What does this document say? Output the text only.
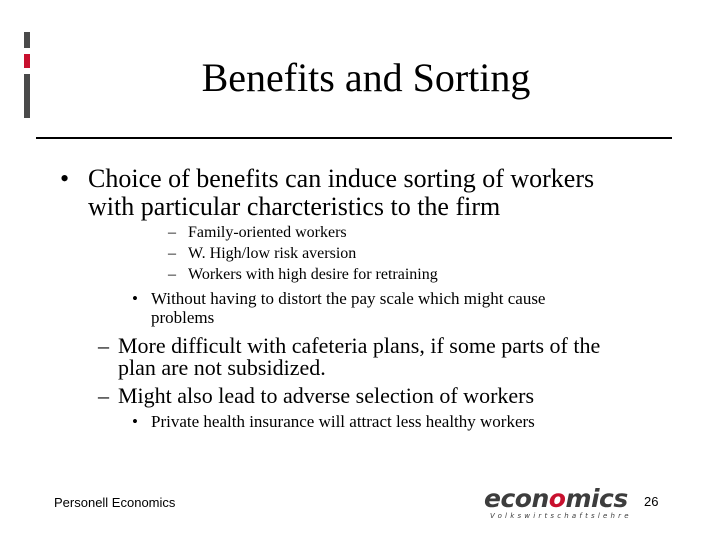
Benefits and Sorting
• Choice of benefits can induce sorting of workers
with particular charcteristics to the firm
– Family-oriented workers
– W. High/low risk aversion
– Workers with high desire for retraining
• Without having to distort the pay scale which might cause
problems
– More difficult with cafeteria plans, if some parts of the
plan are not subsidized.
– Might also lead to adverse selection of workers
• Private health insurance will attract less healthy workers
Personell Economics	economics
Volkswirtschaftslehre
26
